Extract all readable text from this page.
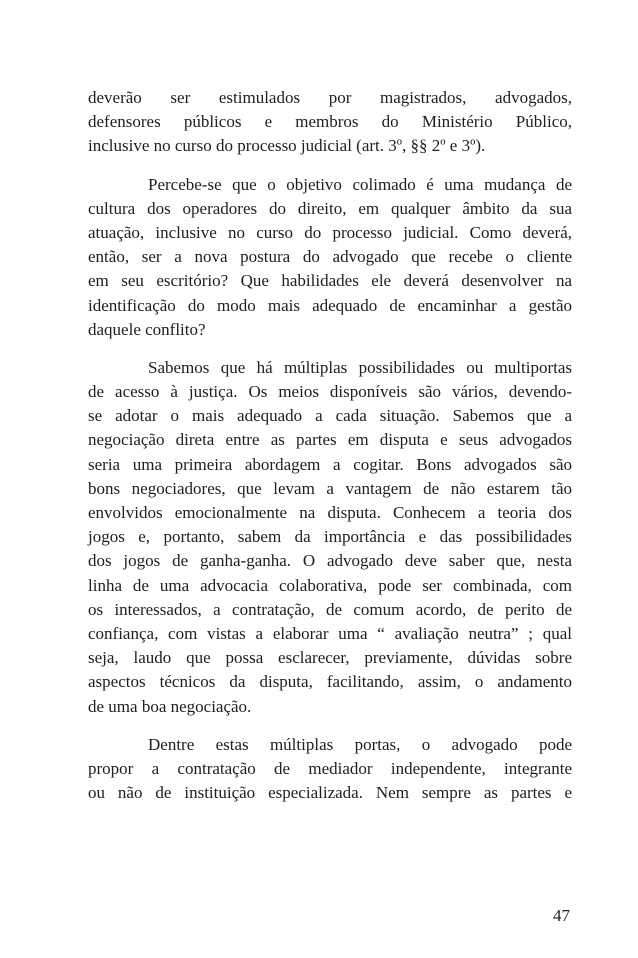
deverão ser estimulados por magistrados, advogados,
defensores públicos e membros do Ministério Público,
inclusive no curso do processo judicial (art. 3º, §§ 2º e 3º).

Percebe-se que o objetivo colimado é uma mudança de
cultura dos operadores do direito, em qualquer âmbito da sua
atuação, inclusive no curso do processo judicial. Como deverá,
então, ser a nova postura do advogado que recebe o cliente
em seu escritório? Que habilidades ele deverá desenvolver na
identificação do modo mais adequado de encaminhar a gestão
daquele conflito?

Sabemos que há múltiplas possibilidades ou multiportas
de acesso à justiça. Os meios disponíveis são vários, devendo-
se adotar o mais adequado a cada situação. Sabemos que a
negociação direta entre as partes em disputa e seus advogados
seria uma primeira abordagem a cogitar. Bons advogados são
bons negociadores, que levam a vantagem de não estarem tão
envolvidos emocionalmente na disputa. Conhecem a teoria dos
jogos e, portanto, sabem da importância e das possibilidades
dos jogos de ganha-ganha. O advogado deve saber que, nesta
linha de uma advocacia colaborativa, pode ser combinada, com
os interessados, a contratação, de comum acordo, de perito de
confiança, com vistas a elaborar uma “ avaliação neutra” ; qual
seja, laudo que possa esclarecer, previamente, dúvidas sobre
aspectos técnicos da disputa, facilitando, assim, o andamento
de uma boa negociação.

Dentre estas múltiplas portas, o advogado pode
propor a contratação de mediador independente, integrante
ou não de instituição especializada. Nem sempre as partes e

47
